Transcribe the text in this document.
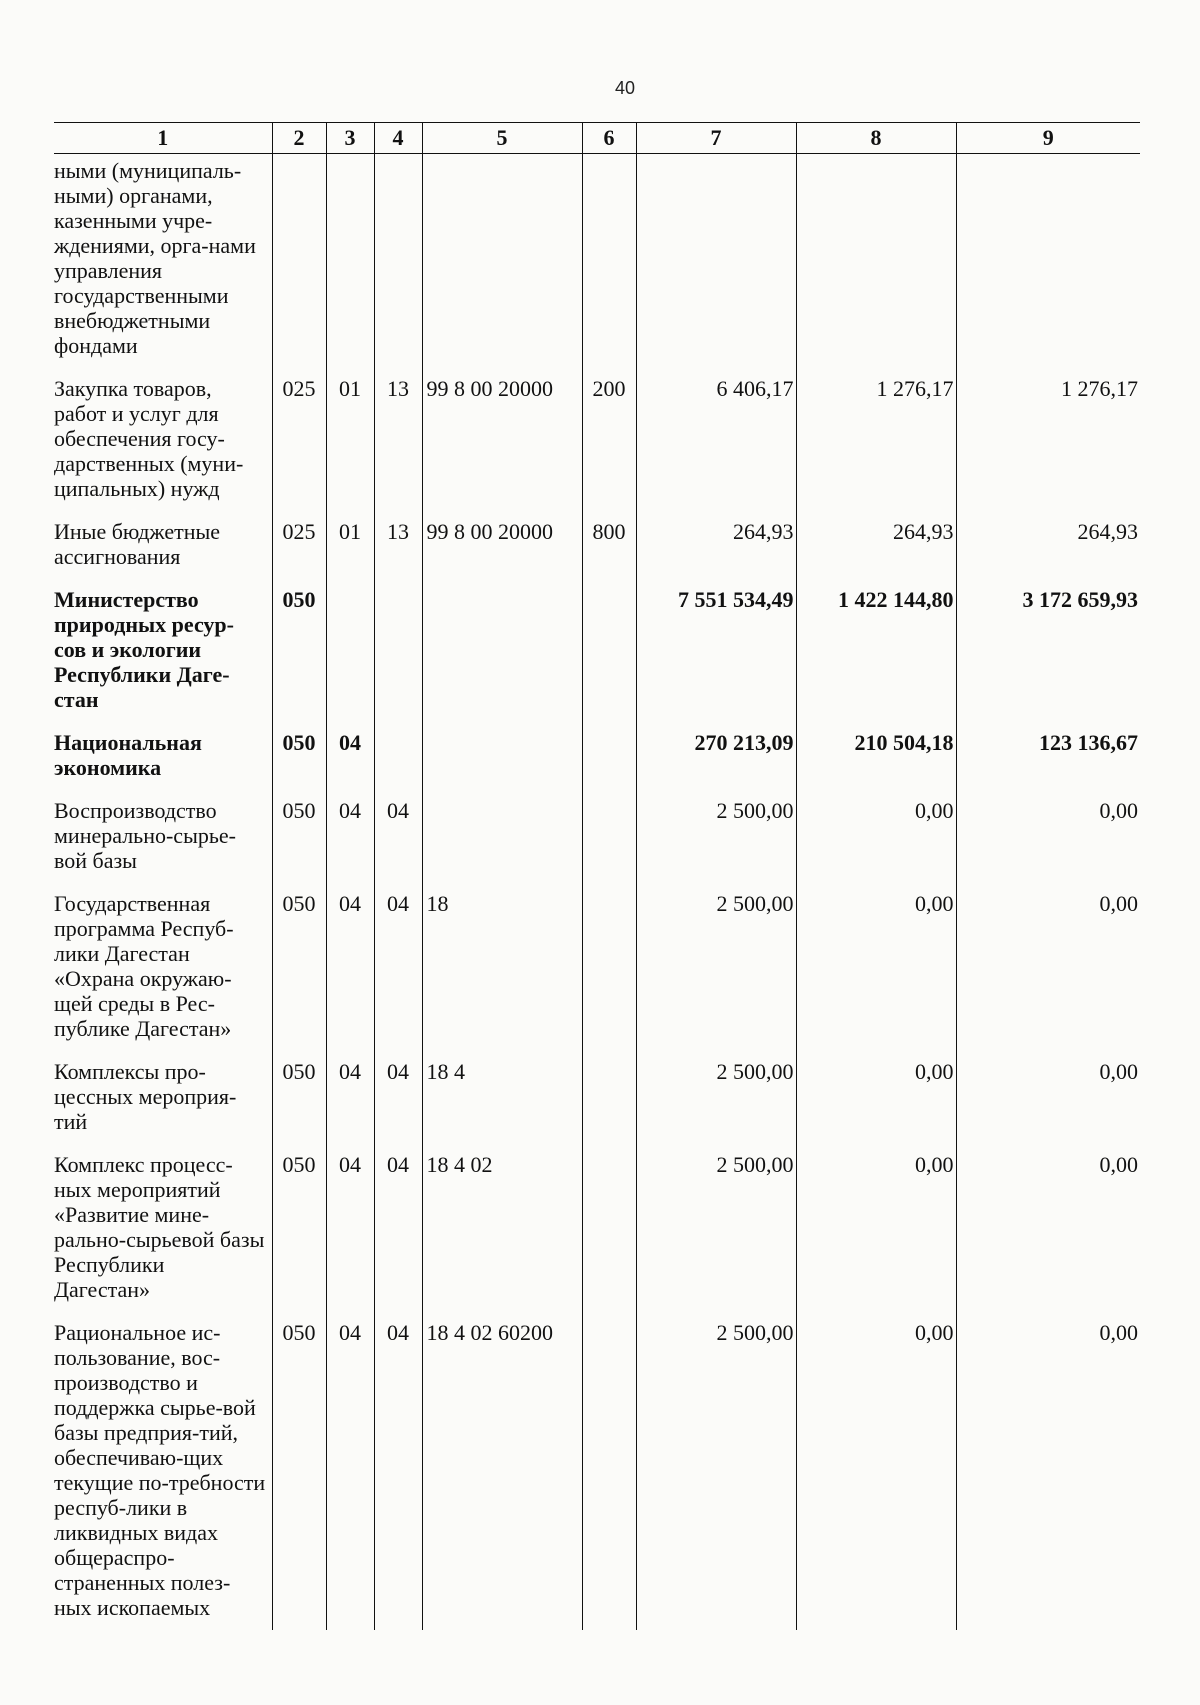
40
1	2	3	4	5	6	7	8	9
ными (муниципаль-ными) органами, казенными учре-ждениями, орга-нами управления государственными внебюджетными фондами								
Закупка товаров, работ и услуг для обеспечения госу-дарственных (муни-ципальных) нужд	025	01	13	99 8 00 20000	200	6 406,17	1 276,17	1 276,17
Иные бюджетные ассигнования	025	01	13	99 8 00 20000	800	264,93	264,93	264,93
Министерство природных ресур-сов и экологии Республики Даге-стан	050					7 551 534,49	1 422 144,80	3 172 659,93
Национальная экономика	050	04				270 213,09	210 504,18	123 136,67
Воспроизводство минерально-сырье-вой базы	050	04	04			2 500,00	0,00	0,00
Государственная программа Респуб-лики Дагестан «Охрана окружаю-щей среды в Рес-публике Дагестан»	050	04	04	18		2 500,00	0,00	0,00
Комплексы про-цессных мероприя-тий	050	04	04	18 4		2 500,00	0,00	0,00
Комплекс процесс-ных мероприятий «Развитие мине-рально-сырьевой базы Республики Дагестан»	050	04	04	18 4 02		2 500,00	0,00	0,00
Рациональное ис-пользование, вос-производство и поддержка сырье-вой базы предприя-тий, обеспечиваю-щих текущие по-требности респуб-лики в ликвидных видах общераспро-страненных полез-ных ископаемых	050	04	04	18 4 02 60200		2 500,00	0,00	0,00
